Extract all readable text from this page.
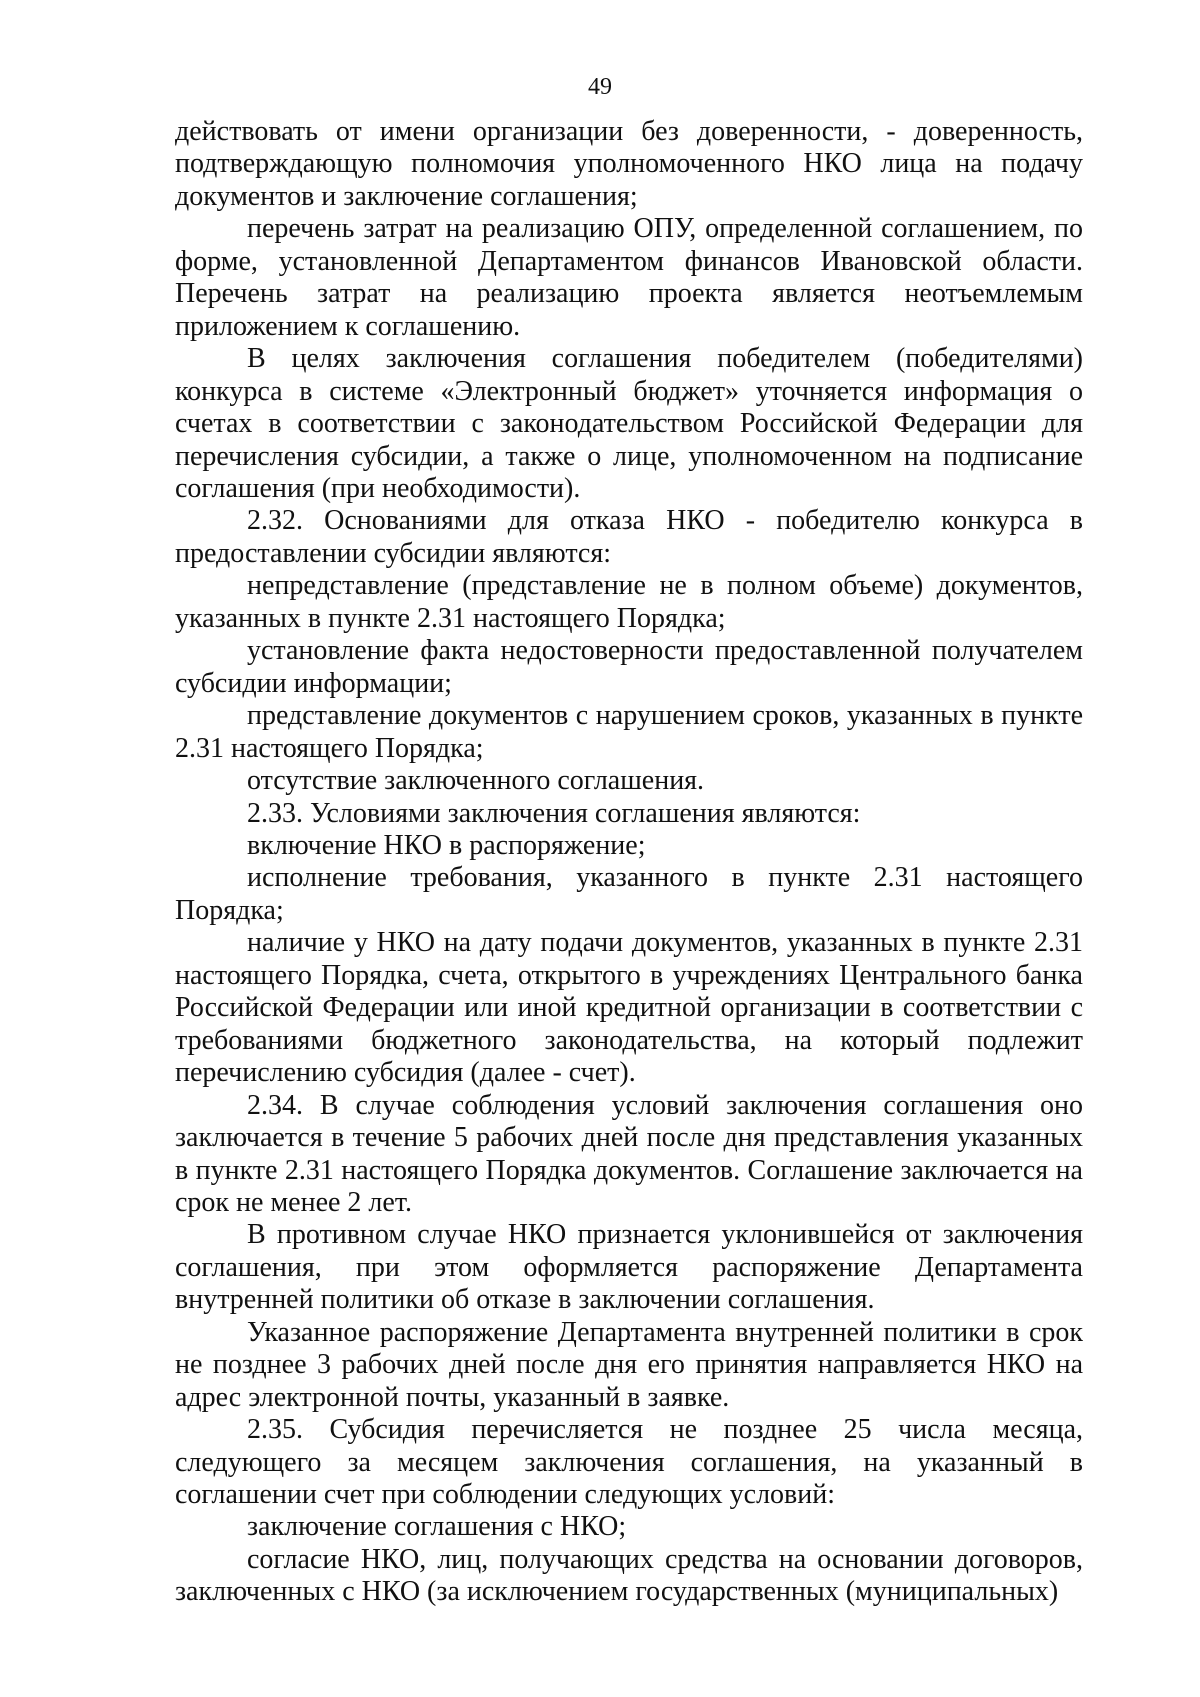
49

действовать от имени организации без доверенности, - доверенность, подтверждающую полномочия уполномоченного НКО лица на подачу документов и заключение соглашения;

перечень затрат на реализацию ОПУ, определенной соглашением, по форме, установленной Департаментом финансов Ивановской области. Перечень затрат на реализацию проекта является неотъемлемым приложением к соглашению.

В целях заключения соглашения победителем (победителями) конкурса в системе «Электронный бюджет» уточняется информация о счетах в соответствии с законодательством Российской Федерации для перечисления субсидии, а также о лице, уполномоченном на подписание соглашения (при необходимости).

2.32. Основаниями для отказа НКО - победителю конкурса в предоставлении субсидии являются:

непредставление (представление не в полном объеме) документов, указанных в пункте 2.31 настоящего Порядка;

установление факта недостоверности предоставленной получателем субсидии информации;

представление документов с нарушением сроков, указанных в пункте 2.31 настоящего Порядка;

отсутствие заключенного соглашения.

2.33. Условиями заключения соглашения являются:

включение НКО в распоряжение;

исполнение требования, указанного в пункте 2.31 настоящего Порядка;

наличие у НКО на дату подачи документов, указанных в пункте 2.31 настоящего Порядка, счета, открытого в учреждениях Центрального банка Российской Федерации или иной кредитной организации в соответствии с требованиями бюджетного законодательства, на который подлежит перечислению субсидия (далее - счет).

2.34. В случае соблюдения условий заключения соглашения оно заключается в течение 5 рабочих дней после дня представления указанных в пункте 2.31 настоящего Порядка документов. Соглашение заключается на срок не менее 2 лет.

В противном случае НКО признается уклонившейся от заключения соглашения, при этом оформляется распоряжение Департамента внутренней политики об отказе в заключении соглашения.

Указанное распоряжение Департамента внутренней политики в срок не позднее 3 рабочих дней после дня его принятия направляется НКО на адрес электронной почты, указанный в заявке.

2.35. Субсидия перечисляется не позднее 25 числа месяца, следующего за месяцем заключения соглашения, на указанный в соглашении счет при соблюдении следующих условий:

заключение соглашения с НКО;

согласие НКО, лиц, получающих средства на основании договоров, заключенных с НКО (за исключением государственных (муниципальных)
